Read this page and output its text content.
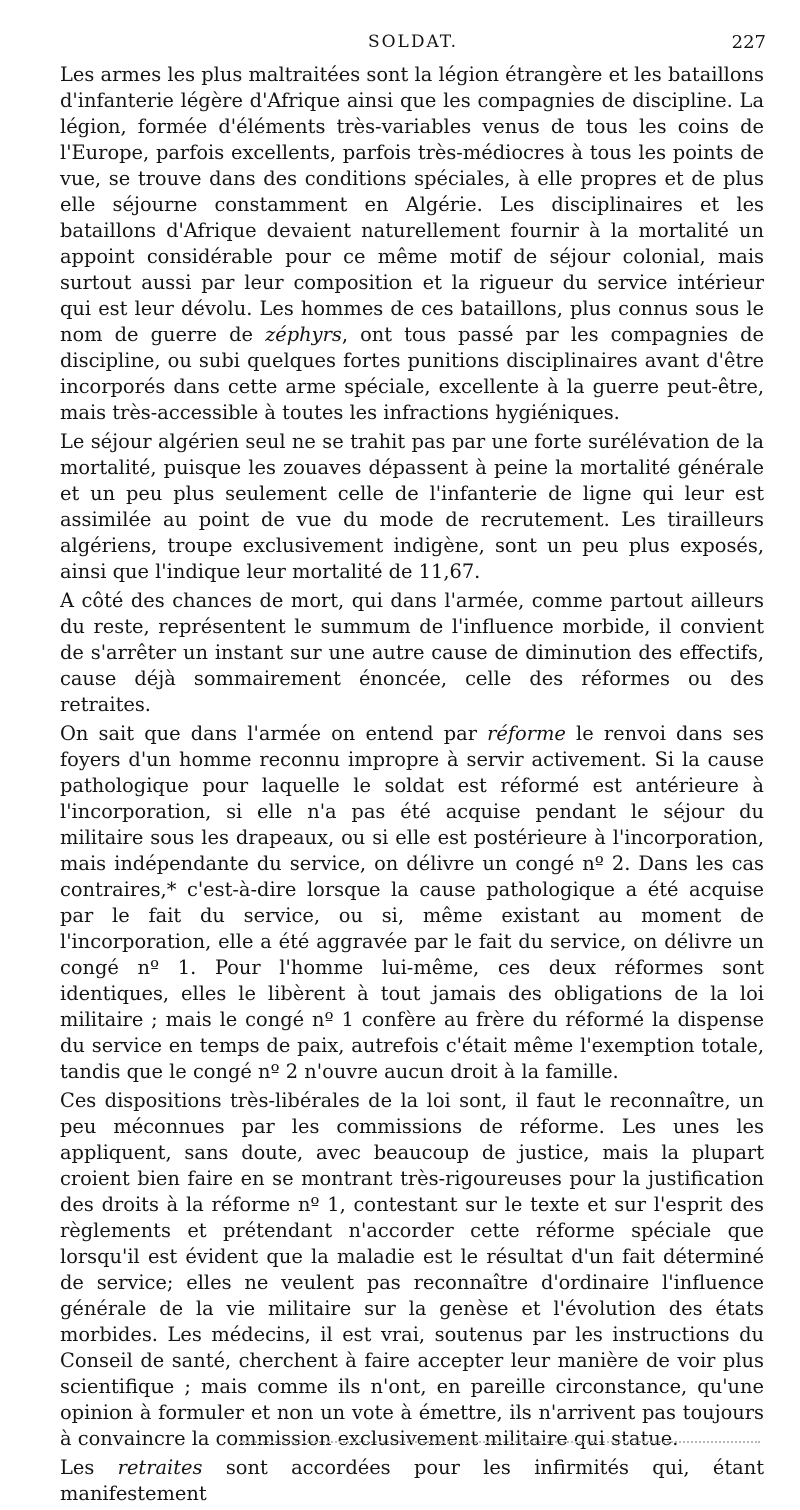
SOLDAT.	227

Les armes les plus maltraitées sont la légion étrangère et les bataillons d'infanterie légère d'Afrique ainsi que les compagnies de discipline. La légion, formée d'éléments très-variables venus de tous les coins de l'Europe, parfois excellents, parfois très-médiocres à tous les points de vue, se trouve dans des conditions spéciales, à elle propres et de plus elle séjourne constamment en Algérie. Les disciplinaires et les bataillons d'Afrique devaient naturellement fournir à la mortalité un appoint considérable pour ce même motif de séjour colonial, mais surtout aussi par leur composition et la rigueur du service intérieur qui est leur dévolu. Les hommes de ces bataillons, plus connus sous le nom de guerre de zéphyrs, ont tous passé par les compagnies de discipline, ou subi quelques fortes punitions disciplinaires avant d'être incorporés dans cette arme spéciale, excellente à la guerre peut-être, mais très-accessible à toutes les infractions hygiéniques.

Le séjour algérien seul ne se trahit pas par une forte surélévation de la mortalité, puisque les zouaves dépassent à peine la mortalité générale et un peu plus seulement celle de l'infanterie de ligne qui leur est assimilée au point de vue du mode de recrutement. Les tirailleurs algériens, troupe exclusivement indigène, sont un peu plus exposés, ainsi que l'indique leur mortalité de 11,67.

A côté des chances de mort, qui dans l'armée, comme partout ailleurs du reste, représentent le summum de l'influence morbide, il convient de s'arrêter un instant sur une autre cause de diminution des effectifs, cause déjà sommairement énoncée, celle des réformes ou des retraites.

On sait que dans l'armée on entend par réforme le renvoi dans ses foyers d'un homme reconnu impropre à servir activement. Si la cause pathologique pour laquelle le soldat est réformé est antérieure à l'incorporation, si elle n'a pas été acquise pendant le séjour du militaire sous les drapeaux, ou si elle est postérieure à l'incorporation, mais indépendante du service, on délivre un congé nº 2. Dans les cas contraires,* c'est-à-dire lorsque la cause pathologique a été acquise par le fait du service, ou si, même existant au moment de l'incorporation, elle a été aggravée par le fait du service, on délivre un congé nº 1. Pour l'homme lui-même, ces deux réformes sont identiques, elles le libèrent à tout jamais des obligations de la loi militaire ; mais le congé nº 1 confère au frère du réformé la dispense du service en temps de paix, autrefois c'était même l'exemption totale, tandis que le congé nº 2 n'ouvre aucun droit à la famille.

Ces dispositions très-libérales de la loi sont, il faut le reconnaître, un peu méconnues par les commissions de réforme. Les unes les appliquent, sans doute, avec beaucoup de justice, mais la plupart croient bien faire en se montrant très-rigoureuses pour la justification des droits à la réforme nº 1, contestant sur le texte et sur l'esprit des règlements et prétendant n'accorder cette réforme spéciale que lorsqu'il est évident que la maladie est le résultat d'un fait déterminé de service; elles ne veulent pas reconnaître d'ordinaire l'influence générale de la vie militaire sur la genèse et l'évolution des états morbides. Les médecins, il est vrai, soutenus par les instructions du Conseil de santé, cherchent à faire accepter leur manière de voir plus scientifique ; mais comme ils n'ont, en pareille circonstance, qu'une opinion à formuler et non un vote à émettre, ils n'arrivent pas toujours à convaincre la commission exclusivement militaire qui statue.

Les retraites sont accordées pour les infirmités qui, étant manifestement
